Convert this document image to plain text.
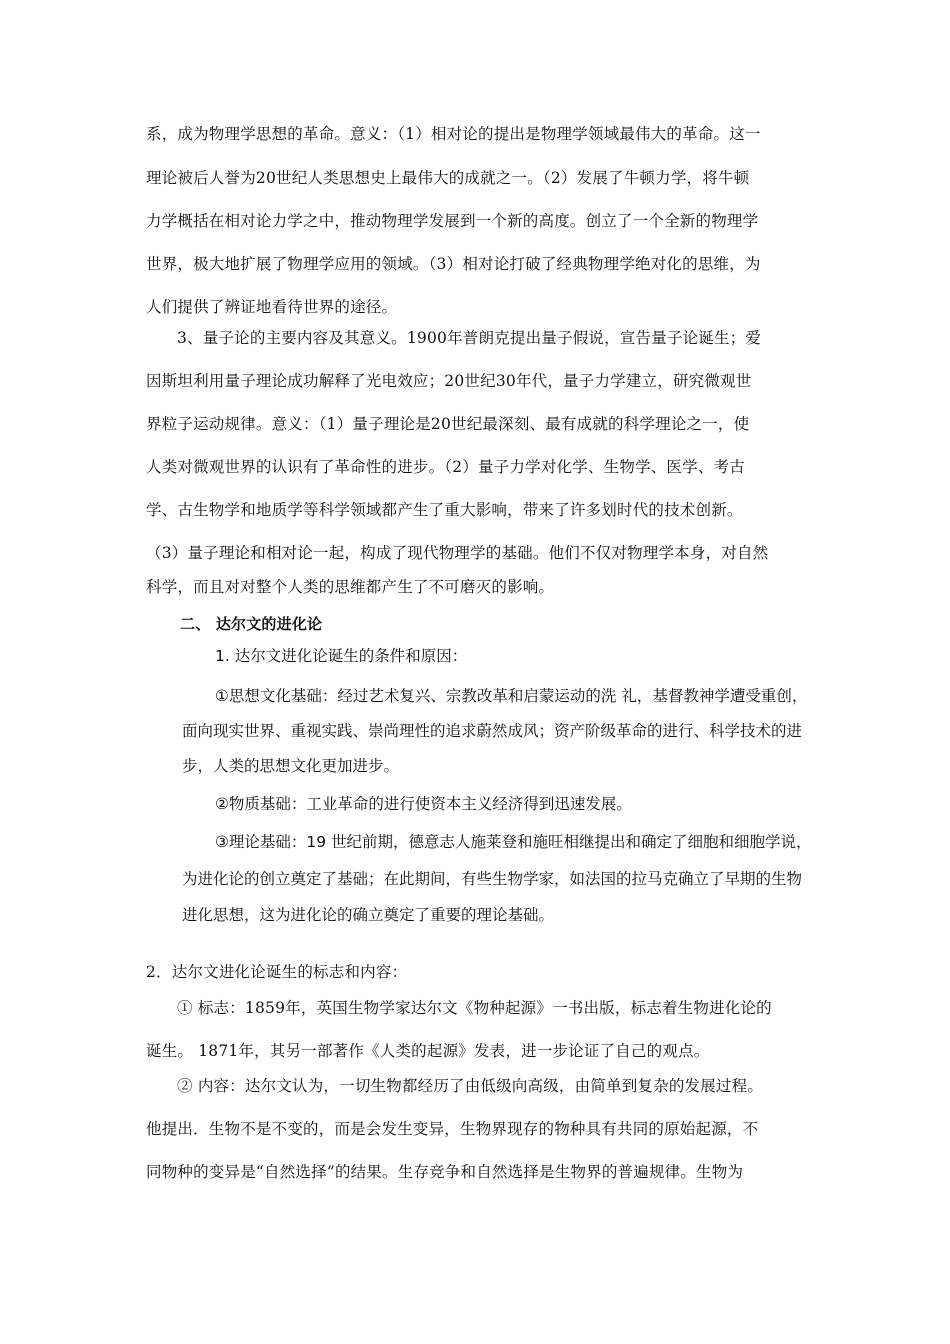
系，成为物理学思想的革命。意义：（1）相对论的提出是物理学领域最伟大的革命。这一
理论被后人誉为20世纪人类思想史上最伟大的成就之一。（2）发展了牛顿力学，将牛顿
力学概括在相对论力学之中，推动物理学发展到一个新的高度。创立了一个全新的物理学
世界，极大地扩展了物理学应用的领域。（3）相对论打破了经典物理学绝对化的思维，为
人们提供了辨证地看待世界的途径。
3、量子论的主要内容及其意义。1900年普朗克提出量子假说，宣告量子论诞生；爱
因斯坦利用量子理论成功解释了光电效应；20世纪30年代，量子力学建立，研究微观世
界粒子运动规律。意义：（1）量子理论是20世纪最深刻、最有成就的科学理论之一，使
人类对微观世界的认识有了革命性的进步。（2）量子力学对化学、生物学、医学、考古
学、古生物学和地质学等科学领域都产生了重大影响，带来了许多划时代的技术创新。
（3）量子理论和相对论一起，构成了现代物理学的基础。他们不仅对物理学本身，对自然
科学，而且对对整个人类的思维都产生了不可磨灭的影响。
二、 达尔文的进化论
1. 达尔文进化论诞生的条件和原因：
①思想文化基础：经过艺术复兴、宗教改革和启蒙运动的洗 礼，基督教神学遭受重创，
面向现实世界、重视实践、崇尚理性的追求蔚然成风；资产阶级革命的进行、科学技术的进
步，人类的思想文化更加进步。
②物质基础：工业革命的进行使资本主义经济得到迅速发展。
③理论基础：19 世纪前期，德意志人施莱登和施旺相继提出和确定了细胞和细胞学说，
为进化论的创立奠定了基础；在此期间，有些生物学家，如法国的拉马克确立了早期的生物
进化思想，这为进化论的确立奠定了重要的理论基础。
2．达尔文进化论诞生的标志和内容：
① 标志：1859年，英国生物学家达尔文《物种起源》一书出版，标志着生物进化论的
诞生。 1871年，其另一部著作《人类的起源》发表，进一步论证了自己的观点。
② 内容：达尔文认为，一切生物都经历了由低级向高级，由简单到复杂的发展过程。
他提出．生物不是不变的，而是会发生变异，生物界现存的物种具有共同的原始起源，不
同物种的变异是“自然选择”的结果。生存竞争和自然选择是生物界的普遍规律。生物为
